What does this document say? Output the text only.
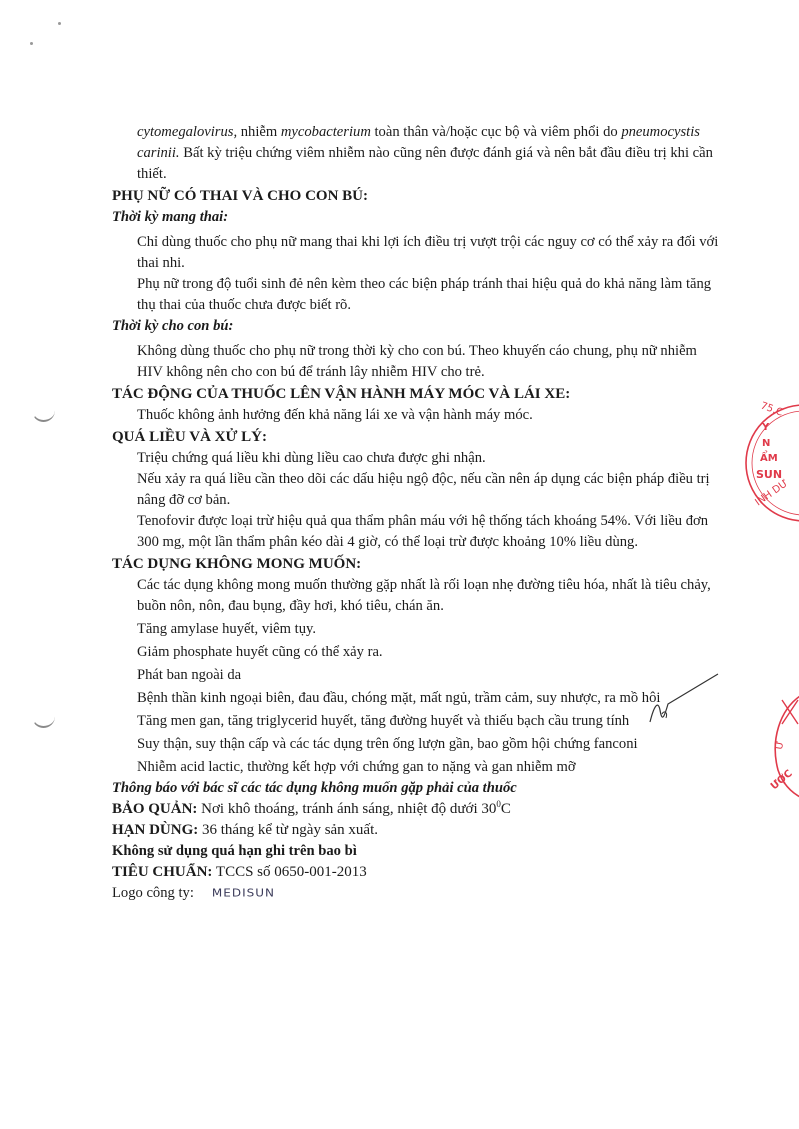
cytomegalovirus, nhiễm mycobacterium toàn thân và/hoặc cục bộ và viêm phổi do pneumocystis

carinii. Bất kỳ triệu chứng viêm nhiễm nào cũng nên được đánh giá và nên bắt đầu điều trị khi cần

thiết.

PHỤ NỮ CÓ THAI VÀ CHO CON BÚ:

Thời kỳ mang thai:

Chỉ dùng thuốc cho phụ nữ mang thai khi lợi ích điều trị vượt trội các nguy cơ có thể xảy ra đối với

thai nhi.

Phụ nữ trong độ tuổi sinh đẻ nên kèm theo các biện pháp tránh thai hiệu quả do khả năng làm tăng

thụ thai của thuốc chưa được biết rõ.

Thời kỳ cho con bú:

Không dùng thuốc cho phụ nữ trong thời kỳ cho con bú. Theo khuyến cáo chung, phụ nữ nhiễm

HIV không nên cho con bú để tránh lây nhiễm HIV cho trẻ.

TÁC ĐỘNG CỦA THUỐC LÊN VẬN HÀNH MÁY MÓC VÀ LÁI XE:

Thuốc không ảnh hưởng đến khả năng lái xe và vận hành máy móc.

QUÁ LIỀU VÀ XỬ LÝ:

Triệu chứng quá liều khi dùng liều cao chưa được ghi nhận.

Nếu xảy ra quá liều cần theo dõi các dấu hiệu ngộ độc, nếu cần nên áp dụng các biện pháp điều trị

nâng đỡ cơ bản.

Tenofovir được loại trừ hiệu quả qua thẩm phân máu với hệ thống tách khoáng 54%. Với liều đơn

300 mg, một lần thẩm phân kéo dài 4 giờ, có thể loại trừ được khoảng 10% liều dùng.

TÁC DỤNG KHÔNG MONG MUỐN:

Các tác dụng không mong muốn thường gặp nhất là rối loạn nhẹ đường tiêu hóa, nhất là tiêu chảy,

buồn nôn, nôn, đau bụng, đầy hơi, khó tiêu, chán ăn.

Tăng amylase huyết, viêm tụy.

Giảm phosphate huyết cũng có thể xảy ra.

Phát ban ngoài da

Bệnh thần kinh ngoại biên, đau đầu, chóng mặt, mất ngủ, trầm cảm, suy nhược, ra mồ hôi

Tăng men gan, tăng triglycerid huyết, tăng đường huyết và thiếu bạch cầu trung tính

Suy thận, suy thận cấp và các tác dụng trên ống lượn gần, bao gồm hội chứng fanconi

Nhiễm acid lactic, thường kết hợp với chứng gan to nặng và gan nhiễm mỡ

Thông báo với bác sĩ các tác dụng không muốn gặp phải của thuốc

BẢO QUẢN: Nơi khô thoáng, tránh ánh sáng, nhiệt độ dưới $30^0C$

HẠN DÙNG: 36 tháng kể từ ngày sản xuất.

Không sử dụng quá hạn ghi trên bao bì

TIÊU CHUẨN: TCCS số 0650-001-2013

Logo công ty: MEDISUN

75.C
Y
N
ẨM
SUN
INH DƯ
Ư
ƯỢC
